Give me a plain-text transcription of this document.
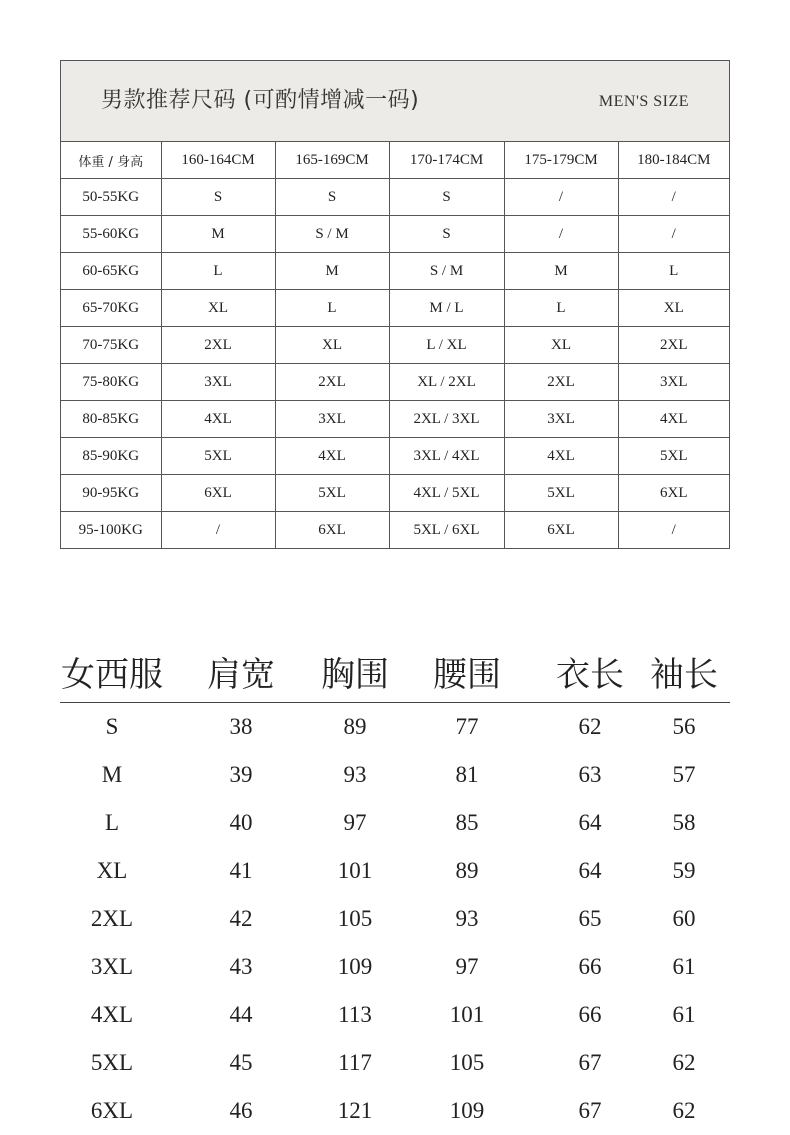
男款推荐尺码 (可酌情增减一码)	MEN'S SIZE
体重 / 身高	160-164CM	165-169CM	170-174CM	175-179CM	180-184CM
50-55KG	S	S	S	/	/
55-60KG	M	S / M	S	/	/
60-65KG	L	M	S / M	M	L
65-70KG	XL	L	M / L	L	XL
70-75KG	2XL	XL	L / XL	XL	2XL
75-80KG	3XL	2XL	XL / 2XL	2XL	3XL
80-85KG	4XL	3XL	2XL / 3XL	3XL	4XL
85-90KG	5XL	4XL	3XL / 4XL	4XL	5XL
90-95KG	6XL	5XL	4XL / 5XL	5XL	6XL
95-100KG	/	6XL	5XL / 6XL	6XL	/
女西服	肩宽	胸围	腰围	衣长 袖长
S	38	89	77	62	56
M	39	93	81	63	57
L	40	97	85	64	58
XL	41	101	89	64	59
2XL	42	105	93	65	60
3XL	43	109	97	66	61
4XL	44	113	101	66	61
5XL	45	117	105	67	62
6XL	46	121	109	67	62
